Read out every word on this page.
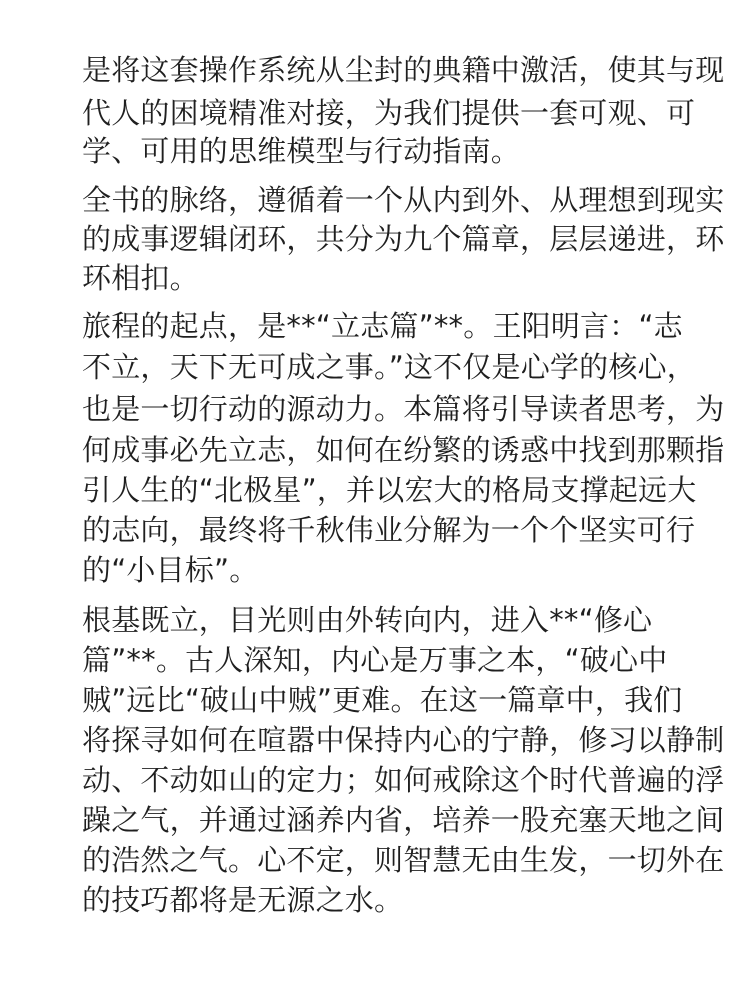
是将这套操作系统从尘封的典籍中激活，使其与现

代人的困境精准对接，为我们提供一套可观、可

学、可用的思维模型与行动指南。

全书的脉络，遵循着一个从内到外、从理想到现实

的成事逻辑闭环，共分为九个篇章，层层递进，环

环相扣。

旅程的起点，是**“立志篇”**。王阳明言：“志

不立，天下无可成之事。”这不仅是心学的核心，

也是一切行动的源动力。本篇将引导读者思考，为

何成事必先立志，如何在纷繁的诱惑中找到那颗指

引人生的“北极星”，并以宏大的格局支撑起远大

的志向，最终将千秋伟业分解为一个个坚实可行

的“小目标”。

根基既立，目光则由外转向内，进入**“修心

篇”**。古人深知，内心是万事之本，“破心中

贼”远比“破山中贼”更难。在这一篇章中，我们

将探寻如何在喧嚣中保持内心的宁静，修习以静制

动、不动如山的定力；如何戒除这个时代普遍的浮

躁之气，并通过涵养内省，培养一股充塞天地之间

的浩然之气。心不定，则智慧无由生发，一切外在

的技巧都将是无源之水。
